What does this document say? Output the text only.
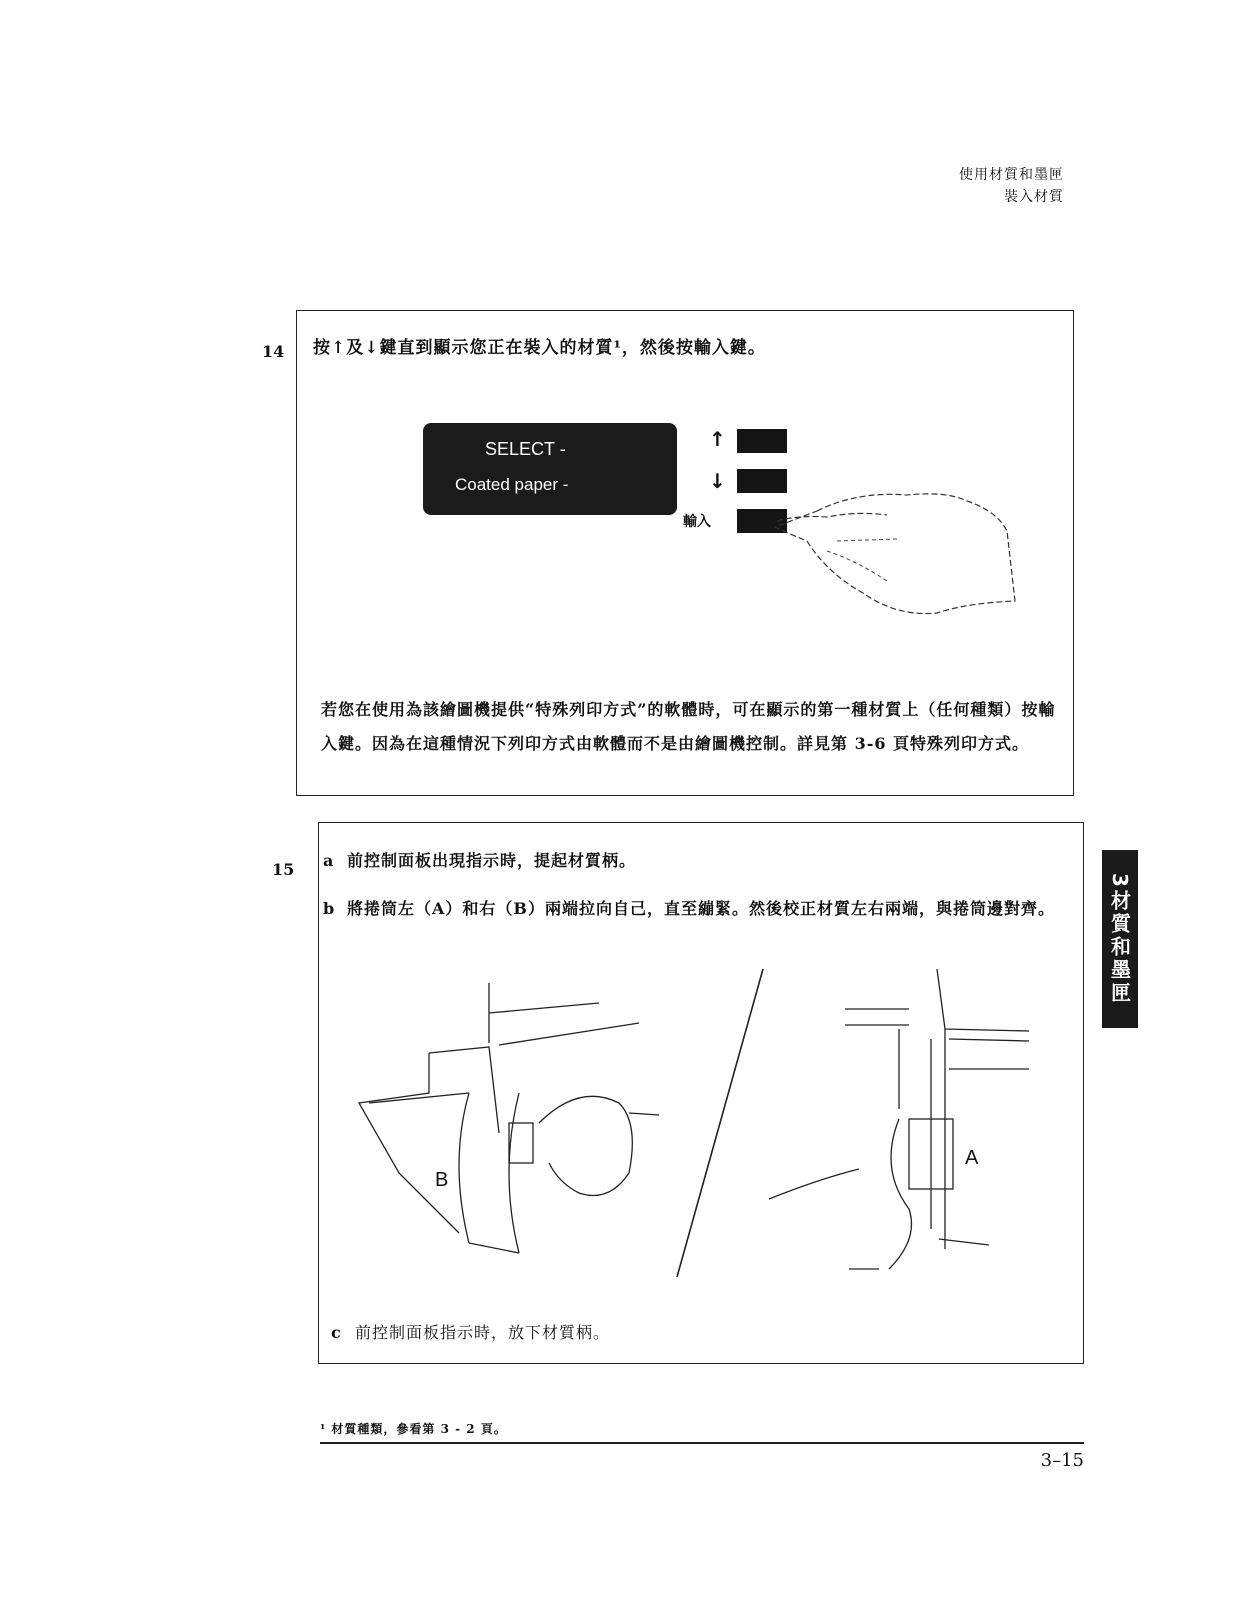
使用材質和墨匣
裝入材質
14 按↑及↓鍵直到顯示您正在裝入的材質¹，然後按輸入鍵。
SELECT -
Coated paper -
↑
↓
輸入
若您在使用為該繪圖機提供“特殊列印方式”的軟體時，可在顯示的第一種材質上（任何種類）按輸入鍵。因為在這種情況下列印方式由軟體而不是由繪圖機控制。詳見第 3-6 頁特殊列印方式。
15 a 前控制面板出現指示時，提起材質柄。
b 將捲筒左（A）和右（B）兩端拉向自己，直至繃緊。然後校正材質左右兩端，與捲筒邊對齊。
B
A
c 前控制面板指示時，放下材質柄。
3
材質和墨匣
¹ 材質種類，參看第 3 - 2 頁。
3–15
